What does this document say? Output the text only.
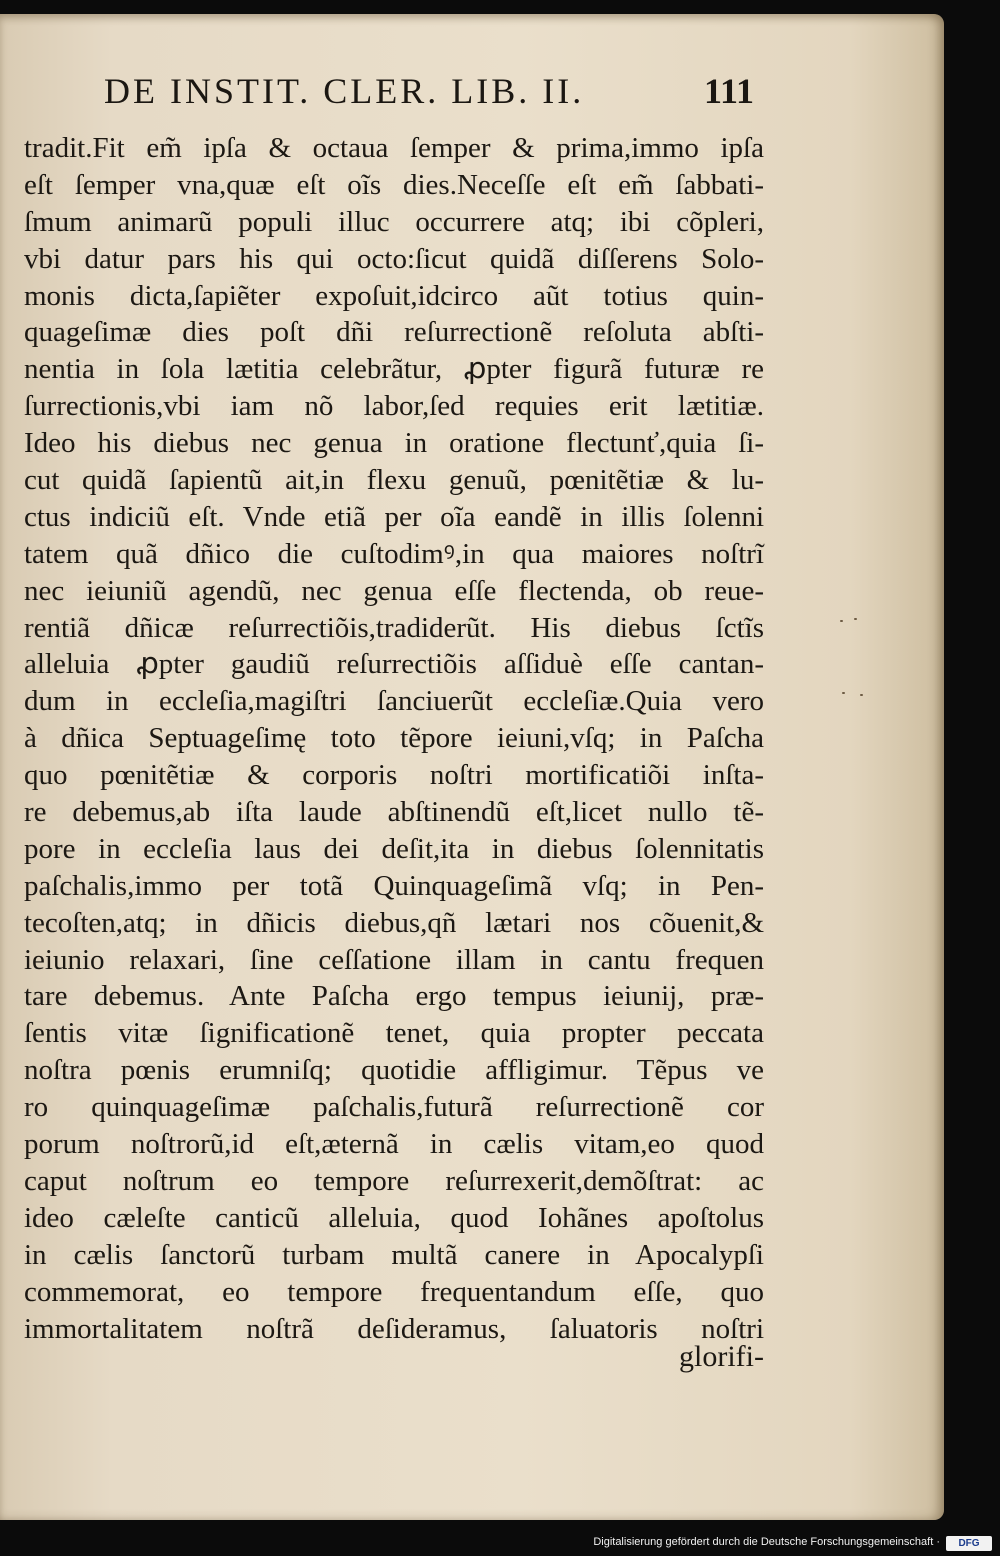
DE INSTIT. CLER. LIB. II.	111
tradit.Fit em̃ ipſa & octaua ſemper & prima,immo ipſa
eſt ſemper vna,quæ eſt oĩs dies.Neceſſe eſt em̃ ſabbati-
ſmum animarũ populi illuc occurrere atq; ibi cõpleri,
vbi datur pars his qui octo:ſicut quidã diſſerens Solo-
monis dicta,ſapiẽter expoſuit,idcirco aũt totius quin-
quageſimæ dies poſt dñi reſurrectionẽ reſoluta abſti-
nentia in ſola lætitia celebrãtur, ꝓpter figurã futuræ re
ſurrectionis,vbi iam nõ labor,ſed requies erit lætitiæ.
Ideo his diebus nec genua in oratione flectunť,quia ſi-
cut quidã ſapientũ ait,in flexu genuũ, pœnitẽtiæ & lu-
ctus indiciũ eſt. Vnde etiã per oĩa eandẽ in illis ſolenni
tatem quã dñico die cuſtodimꝰ,in qua maiores noſtrĩ
nec ieiuniũ agendũ, nec genua eſſe flectenda, ob reue-
rentiã dñicæ reſurrectiõis,tradiderũt. His diebus ſctĩs
alleluia ꝓpter gaudiũ reſurrectiõis aſſiduè eſſe cantan-
dum in eccleſia,magiſtri ſanciuerũt eccleſiæ.Quia vero
à dñica Septuageſimę toto tẽpore ieiuni,vſq; in Paſcha
quo pœnitẽtiæ & corporis noſtri mortificatiõi inſta-
re debemus,ab iſta laude abſtinendũ eſt,licet nullo tẽ-
pore in eccleſia laus dei deſit,ita in diebus ſolennitatis
paſchalis,immo per totã Quinquageſimã vſq; in Pen-
tecoſten,atq; in dñicis diebus,qñ lætari nos cõuenit,&
ieiunio relaxari, ſine ceſſatione illam in cantu frequen
tare debemus. Ante Paſcha ergo tempus ieiunij, præ-
ſentis vitæ ſignificationẽ tenet, quia propter peccata
noſtra pœnis erumniſq; quotidie affligimur. Tẽpus ve
ro quinquageſimæ paſchalis,futurã reſurrectionẽ cor
porum noſtrorũ,id eſt,æternã in cælis vitam,eo quod
caput noſtrum eo tempore reſurrexerit,demõſtrat: ac
ideo cæleſte canticũ alleluia, quod Iohãnes apoſtolus
in cælis ſanctorũ turbam multã canere in Apocalypſi
commemorat, eo tempore frequentandum eſſe, quo
immortalitatem noſtrã deſideramus, ſaluatoris noſtri
glorifi-
Digitalisierung gefördert durch die Deutsche Forschungsgemeinschaft ·	DFG
